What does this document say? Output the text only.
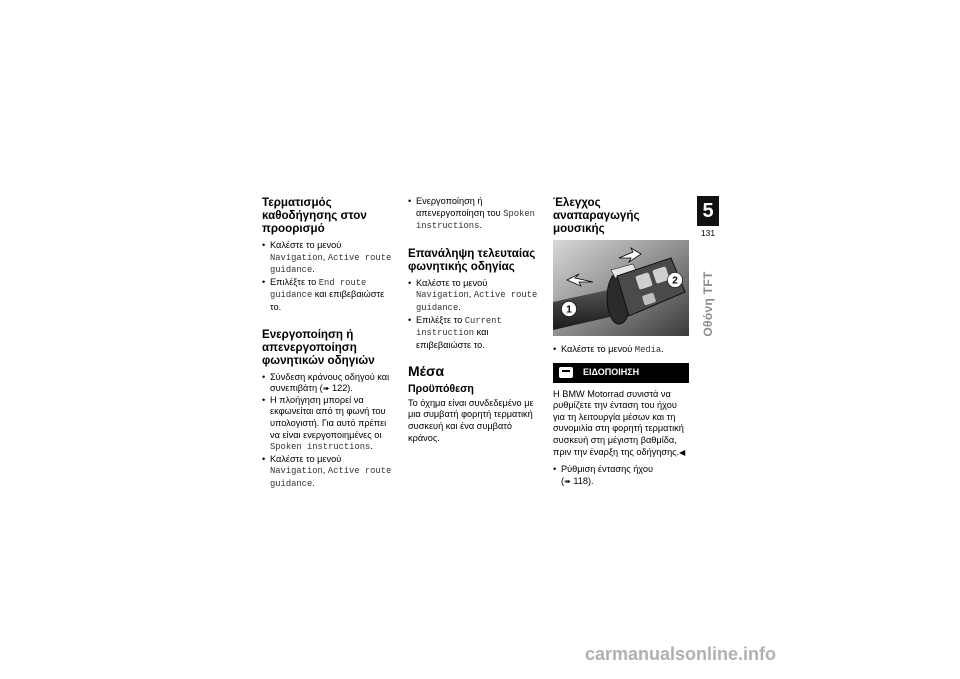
Τερματισμός καθοδήγησης στον προορισμό
• Καλέστε το μενού Navigation, Active route guidance.
• Επιλέξτε το End route guidance και επιβεβαιώστε το.
Ενεργοποίηση ή απενεργοποίηση φωνητικών οδηγιών
• Σύνδεση κράνους οδηγού και συνεπιβάτη (➠ 122).
• Η πλοήγηση μπορεί να εκφωνείται από τη φωνή του υπολογιστή. Για αυτό πρέπει να είναι ενεργοποιημένες οι Spoken instructions.
• Καλέστε το μενού Navigation, Active route guidance.
• Ενεργοποίηση ή απενεργοποίηση του Spoken instructions.
Επανάληψη τελευταίας φωνητικής οδηγίας
• Καλέστε το μενού Navigation, Active route guidance.
• Επιλέξτε το Current instruction και επιβεβαιώστε το.
Μέσα
Προϋπόθεση

Το όχημα είναι συνδεδεμένο με μια συμβατή φορητή τερματική συσκευή και ένα συμβατό κράνος.

Έλεγχος αναπαραγωγής μουσικής
1
2
• Καλέστε το μενού Media.
ΕΙΔΟΠΟΙΗΣΗ

Η BMW Motorrad συνιστά να ρυθμίζετε την ένταση του ήχου για τη λειτουργία μέσων και τη συνομιλία στη φορητή τερματική συσκευή στη μέγιστη βαθμίδα, πριν την έναρξη της οδήγησης.◀

• Ρύθμιση έντασης ήχου
(➠ 118).
5
131
Οθόνη TFT
carmanualsonline.info
